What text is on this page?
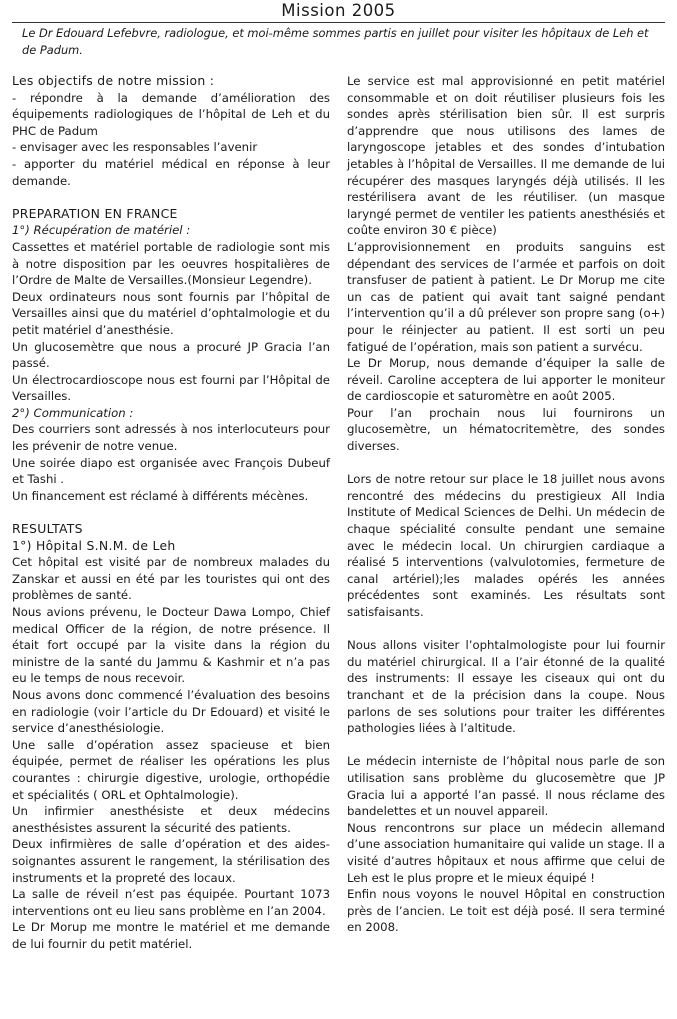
Mission 2005
Le Dr Edouard Lefebvre, radiologue, et moi-même sommes partis en juillet pour visiter les hôpitaux de Leh et de Padum.

Les objectifs de notre mission :

- répondre à la demande d’amélioration des équipements radiologiques de l’hôpital de Leh et du PHC de Padum

- envisager avec les responsables l’avenir

- apporter du matériel médical en réponse à leur demande.

PREPARATION EN FRANCE

1°) Récupération de matériel :

Cassettes et matériel portable de radiologie sont mis à notre disposition par les oeuvres hospitalières de l’Ordre de Malte de Versailles.(Monsieur Legendre).

Deux ordinateurs nous sont fournis par l’hôpital de Versailles ainsi que du matériel d’ophtalmologie et du petit matériel d’anesthésie.

Un glucosemètre que nous a procuré JP Gracia l’an passé.

Un électrocardioscope nous est fourni par l’Hôpital de Versailles.

2°) Communication :

Des courriers sont adressés à nos interlocuteurs pour les prévenir de notre venue.

Une soirée diapo est organisée avec François Dubeuf et Tashi .

Un financement est réclamé à différents mécènes.

RESULTATS

1°) Hôpital S.N.M. de Leh

Cet hôpital est visité par de nombreux malades du Zanskar et aussi en été par les touristes qui ont des problèmes de santé.

Nous avions prévenu, le Docteur Dawa Lompo, Chief medical Officer de la région, de notre présence. Il était fort occupé par la visite dans la région du ministre de la santé du Jammu & Kashmir et n’a pas eu le temps de nous recevoir.

Nous avons donc commencé l’évaluation des besoins en radiologie (voir l’article du Dr Edouard) et visité le service d’anesthésiologie.

Une salle d’opération assez spacieuse et bien équipée, permet de réaliser les opérations les plus courantes : chirurgie digestive, urologie, orthopédie et spécialités ( ORL et Ophtalmologie).

Un infirmier anesthésiste et deux médecins anesthésistes assurent la sécurité des patients.

Deux infirmières de salle d’opération et des aides-soignantes assurent le rangement, la stérilisation des instruments et la propreté des locaux.

La salle de réveil n’est pas équipée. Pourtant 1073 interventions ont eu lieu sans problème en l’an 2004.

Le Dr Morup me montre le matériel et me demande de lui fournir du petit matériel.

Le service est mal approvisionné en petit matériel consommable et on doit réutiliser plusieurs fois les sondes après stérilisation bien sûr. Il est surpris d’apprendre que nous utilisons des lames de laryngoscope jetables et des sondes d’intubation jetables à l’hôpital de Versailles. Il me demande de lui récupérer des masques laryngés déjà utilisés. Il les restérilisera avant de les réutiliser. (un masque laryngé permet de ventiler les patients anesthésiés et coûte environ 30 € pièce)

L’approvisionnement en produits sanguins est dépendant des services de l’armée et parfois on doit transfuser de patient à patient. Le Dr Morup me cite un cas de patient qui avait tant saigné pendant l’intervention qu’il a dû prélever son propre sang (o+) pour le réinjecter au patient. Il est sorti un peu fatigué de l’opération, mais son patient a survécu.

Le Dr Morup, nous demande d’équiper la salle de réveil. Caroline acceptera de lui apporter le moniteur de cardioscopie et saturomètre en août 2005.

Pour l’an prochain nous lui fournirons un glucosemètre, un hématocritemètre, des sondes diverses.

Lors de notre retour sur place le 18 juillet nous avons rencontré des médecins du prestigieux All India Institute of Medical Sciences de Delhi. Un médecin de chaque spécialité consulte pendant une semaine avec le médecin local. Un chirurgien cardiaque a réalisé 5 interventions (valvulotomies, fermeture de canal artériel);les malades opérés les années précédentes sont examinés. Les résultats sont satisfaisants.

Nous allons visiter l’ophtalmologiste pour lui fournir du matériel chirurgical. Il a l’air étonné de la qualité des instruments: Il essaye les ciseaux qui ont du tranchant et de la précision dans la coupe. Nous parlons de ses solutions pour traiter les différentes pathologies liées à l’altitude.

Le médecin interniste de l’hôpital nous parle de son utilisation sans problème du glucosemètre que JP Gracia lui a apporté l’an passé. Il nous réclame des bandelettes et un nouvel appareil.

Nous rencontrons sur place un médecin allemand d’une association humanitaire qui valide un stage. Il a visité d’autres hôpitaux et nous affirme que celui de Leh est le plus propre et le mieux équipé !

Enfin nous voyons le nouvel Hôpital en construction près de l’ancien. Le toit est déjà posé. Il sera terminé en 2008.
